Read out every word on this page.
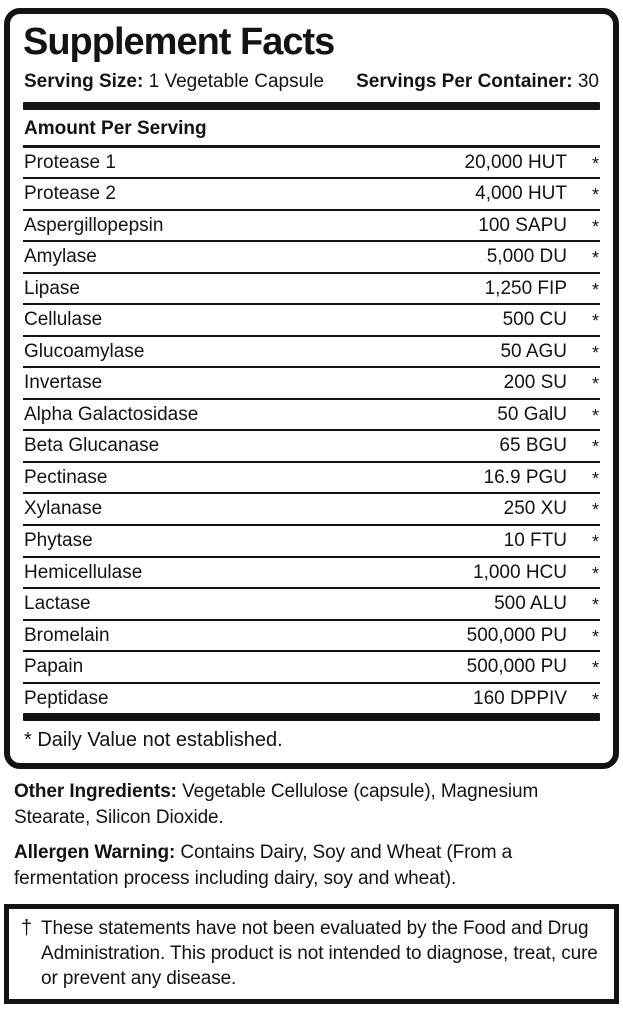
Supplement Facts
Serving Size: 1 Vegetable Capsule Servings Per Container: 30
Amount Per Serving
Protease 1	20,000 HUT	*
Protease 2	4,000 HUT	*
Aspergillopepsin	100 SAPU	*
Amylase	5,000 DU	*
Lipase	1,250 FIP	*
Cellulase	500 CU	*
Glucoamylase	50 AGU	*
Invertase	200 SU	*
Alpha Galactosidase	50 GalU	*
Beta Glucanase	65 BGU	*
Pectinase	16.9 PGU	*
Xylanase	250 XU	*
Phytase	10 FTU	*
Hemicellulase	1,000 HCU	*
Lactase	500 ALU	*
Bromelain	500,000 PU	*
Papain	500,000 PU	*
Peptidase	160 DPPIV	*
* Daily Value not established.

Other Ingredients: Vegetable Cellulose (capsule), Magnesium Stearate, Silicon Dioxide.

Allergen Warning: Contains Dairy, Soy and Wheat (From a fermentation process including dairy, soy and wheat).

† These statements have not been evaluated by the Food and Drug Administration. This product is not intended to diagnose, treat, cure or prevent any disease.
